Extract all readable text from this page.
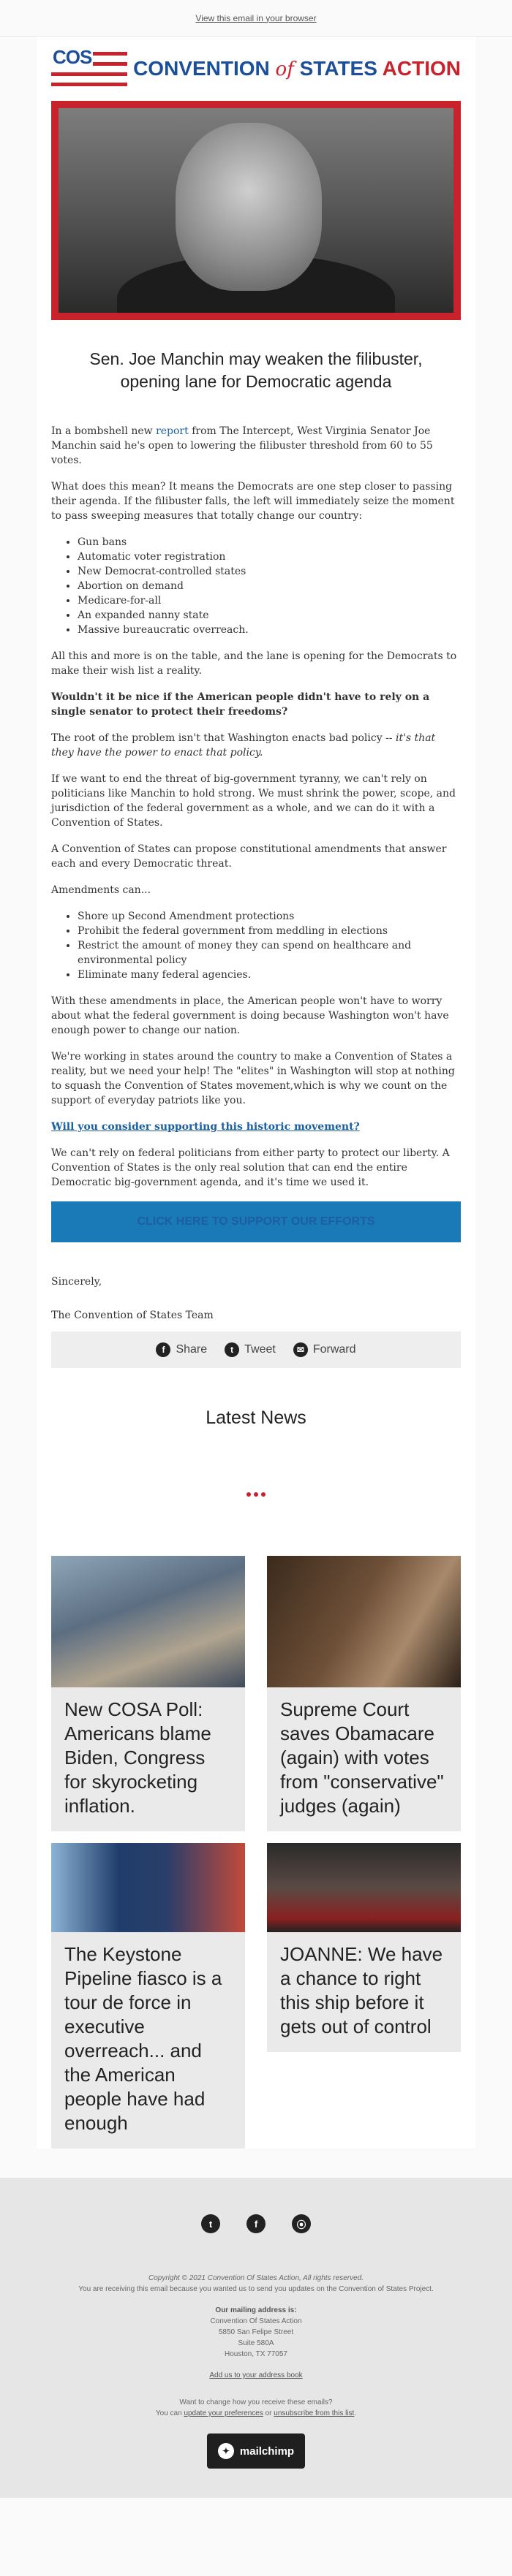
View this email in your browser
COS CONVENTION of STATES ACTION
Sen. Joe Manchin may weaken the filibuster, opening lane for Democratic agenda

In a bombshell new report from The Intercept, West Virginia Senator Joe Manchin said he's open to lowering the filibuster threshold from 60 to 55 votes.

What does this mean? It means the Democrats are one step closer to passing their agenda. If the filibuster falls, the left will immediately seize the moment to pass sweeping measures that totally change our country:

• Gun bans
• Automatic voter registration
• New Democrat-controlled states
• Abortion on demand
• Medicare-for-all
• An expanded nanny state
• Massive bureaucratic overreach.

All this and more is on the table, and the lane is opening for the Democrats to make their wish list a reality.

Wouldn't it be nice if the American people didn't have to rely on a single senator to protect their freedoms?

The root of the problem isn't that Washington enacts bad policy -- it's that they have the power to enact that policy.

If we want to end the threat of big-government tyranny, we can't rely on politicians like Manchin to hold strong. We must shrink the power, scope, and jurisdiction of the federal government as a whole, and we can do it with a Convention of States.

A Convention of States can propose constitutional amendments that answer each and every Democratic threat.

Amendments can...

• Shore up Second Amendment protections
• Prohibit the federal government from meddling in elections
• Restrict the amount of money they can spend on healthcare and environmental policy
• Eliminate many federal agencies.

With these amendments in place, the American people won't have to worry about what the federal government is doing because Washington won't have enough power to change our nation.

We're working in states around the country to make a Convention of States a reality, but we need your help! The "elites" in Washington will stop at nothing to squash the Convention of States movement,which is why we count on the support of everyday patriots like you.

Will you consider supporting this historic movement?

We can't rely on federal politicians from either party to protect our liberty. A Convention of States is the only real solution that can end the entire Democratic big-government agenda, and it's time we used it.

CLICK HERE TO SUPPORT OUR EFFORTS

Sincerely,

The Convention of States Team

f Share	t Tweet	✉ Forward
Latest News
New COSA Poll: Americans blame Biden, Congress for skyrocketing inflation.
The Keystone Pipeline fiasco is a tour de force in executive overreach... and the American people have had enough
Supreme Court saves Obamacare (again) with votes from "conservative" judges (again)
JOANNE: We have a chance to right this ship before it gets out of control
t	f	⦿
Copyright © 2021 Convention Of States Action, All rights reserved.
You are receiving this email because you wanted us to send you updates on the Convention of States Project.
Our mailing address is:
Convention Of States Action
5850 San Felipe Street
Suite 580A
Houston, TX 77057
Add us to your address book
Want to change how you receive these emails?
You can update your preferences or unsubscribe from this list.
✦ mailchimp
